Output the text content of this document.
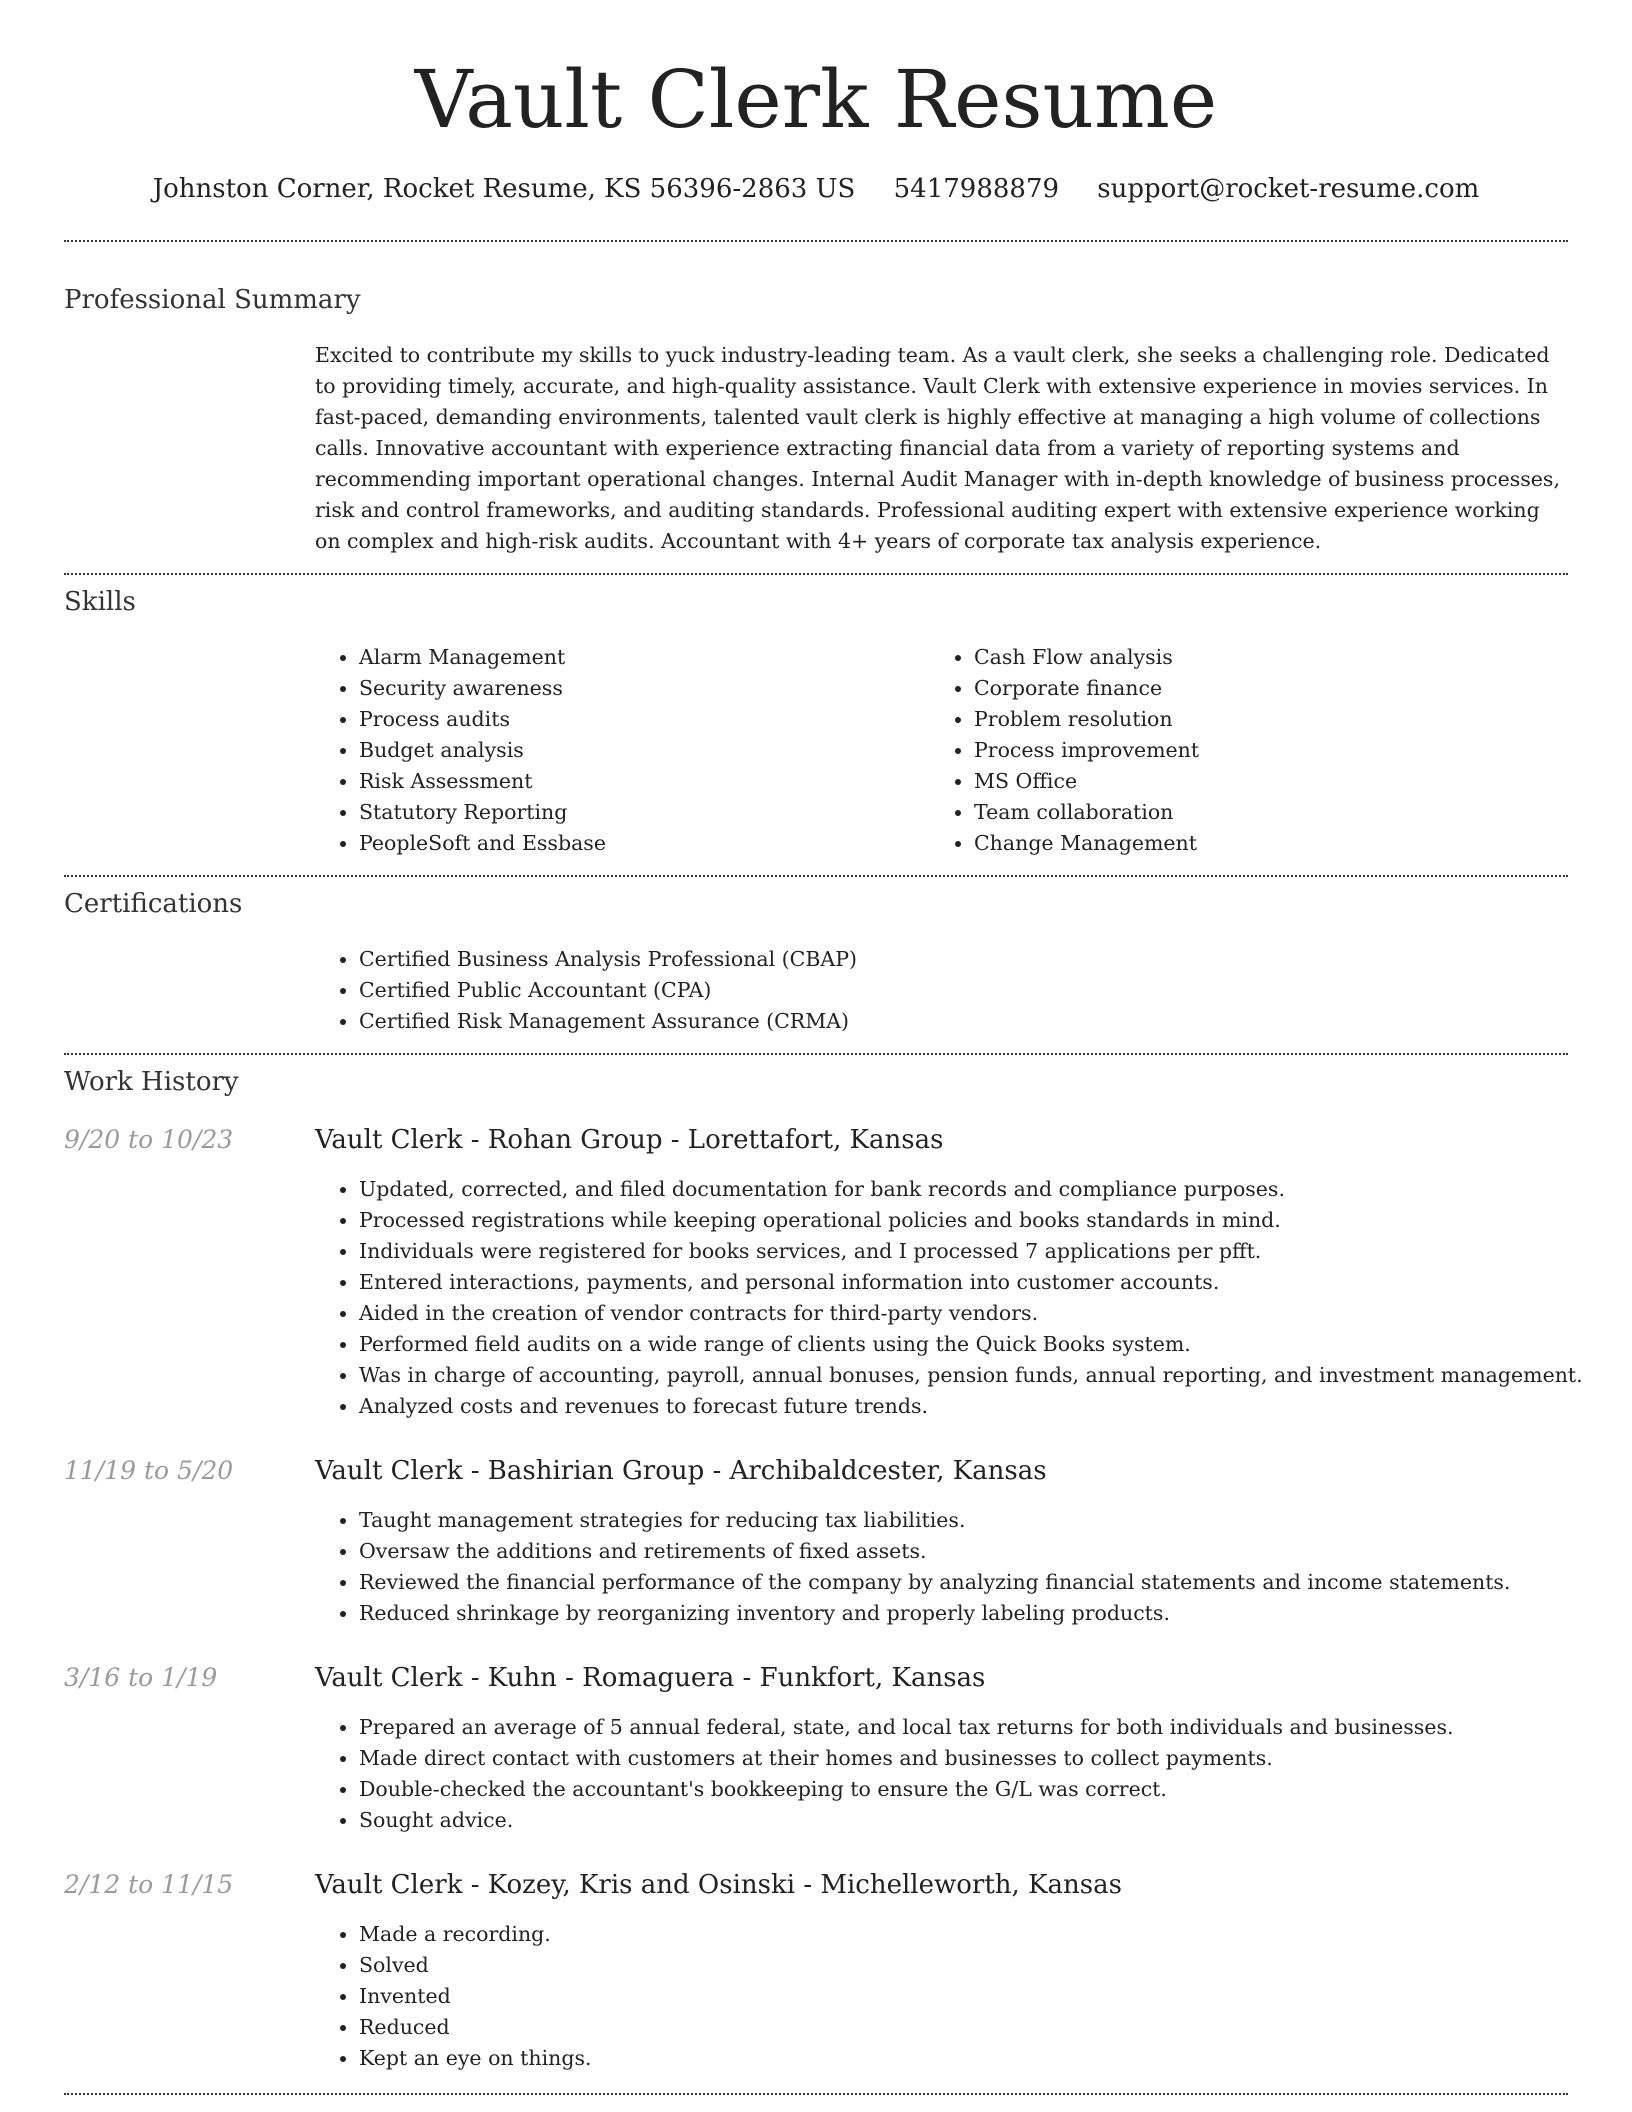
Vault Clerk Resume
Johnston Corner, Rocket Resume, KS 56396-2863 US 5417988879 support@rocket-resume.com
Professional Summary

Excited to contribute my skills to yuck industry-leading team. As a vault clerk, she seeks a challenging role. Dedicated to providing timely, accurate, and high-quality assistance. Vault Clerk with extensive experience in movies services. In fast-paced, demanding environments, talented vault clerk is highly effective at managing a high volume of collections calls. Innovative accountant with experience extracting financial data from a variety of reporting systems and recommending important operational changes. Internal Audit Manager with in-depth knowledge of business processes, risk and control frameworks, and auditing standards. Professional auditing expert with extensive experience working on complex and high-risk audits. Accountant with 4+ years of corporate tax analysis experience.

Skills
• Alarm Management
• Security awareness
• Process audits
• Budget analysis
• Risk Assessment
• Statutory Reporting
• PeopleSoft and Essbase
• Cash Flow analysis
• Corporate finance
• Problem resolution
• Process improvement
• MS Office
• Team collaboration
• Change Management
Certifications
• Certified Business Analysis Professional (CBAP)
• Certified Public Accountant (CPA)
• Certified Risk Management Assurance (CRMA)
Work History
9/20 to 10/23	Vault Clerk - Rohan Group - Lorettafort, Kansas
• Updated, corrected, and filed documentation for bank records and compliance purposes.
• Processed registrations while keeping operational policies and books standards in mind.
• Individuals were registered for books services, and I processed 7 applications per pfft.
• Entered interactions, payments, and personal information into customer accounts.
• Aided in the creation of vendor contracts for third-party vendors.
• Performed field audits on a wide range of clients using the Quick Books system.
• Was in charge of accounting, payroll, annual bonuses, pension funds, annual reporting, and investment management.
• Analyzed costs and revenues to forecast future trends.
11/19 to 5/20	Vault Clerk - Bashirian Group - Archibaldcester, Kansas
• Taught management strategies for reducing tax liabilities.
• Oversaw the additions and retirements of fixed assets.
• Reviewed the financial performance of the company by analyzing financial statements and income statements.
• Reduced shrinkage by reorganizing inventory and properly labeling products.
3/16 to 1/19	Vault Clerk - Kuhn - Romaguera - Funkfort, Kansas
• Prepared an average of 5 annual federal, state, and local tax returns for both individuals and businesses.
• Made direct contact with customers at their homes and businesses to collect payments.
• Double-checked the accountant's bookkeeping to ensure the G/L was correct.
• Sought advice.
2/12 to 11/15	Vault Clerk - Kozey, Kris and Osinski - Michelleworth, Kansas
• Made a recording.
• Solved
• Invented
• Reduced
• Kept an eye on things.
